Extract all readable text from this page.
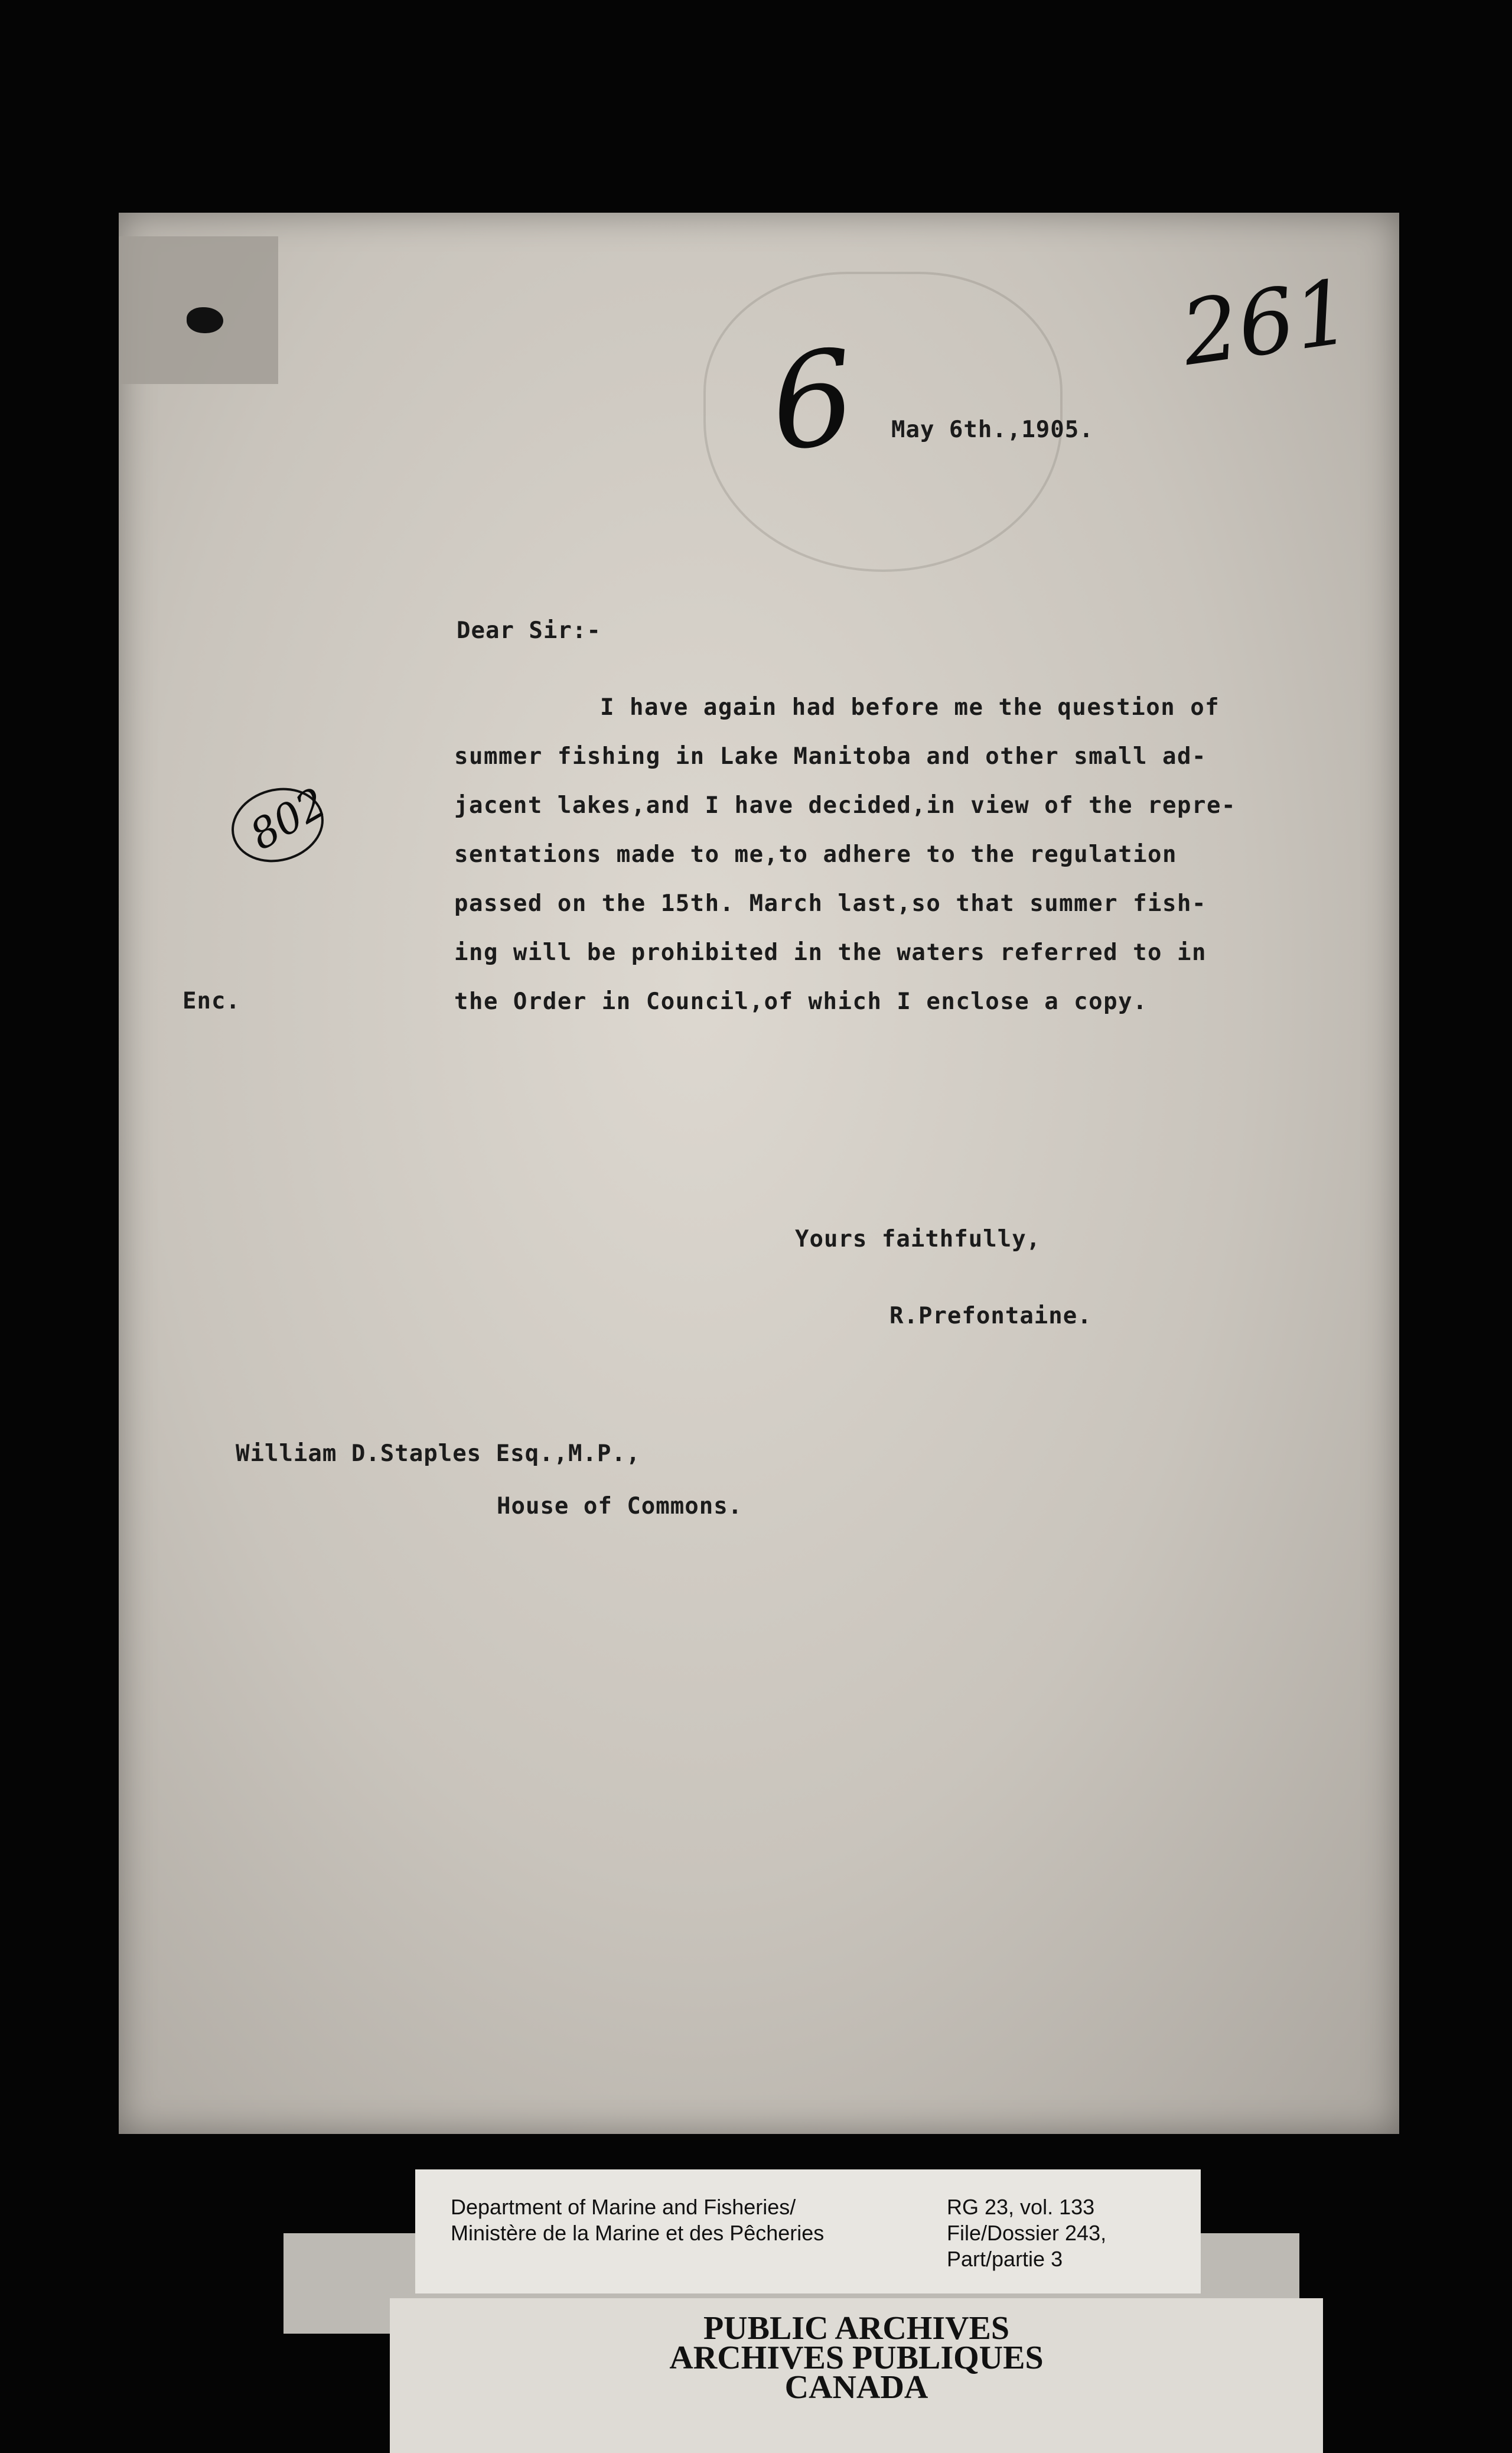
261
6 May 6th.,1905.
Dear Sir:-
802
I have again had before me the question of
summer fishing in Lake Manitoba and other small ad-
jacent lakes,and I have decided,in view of the repre-
sentations made to me,to adhere to the regulation
passed on the 15th. March last,so that summer fish-
ing will be prohibited in the waters referred to in
the Order in Council,of which I enclose a copy.
Enc.
Yours faithfully,
R.Prefontaine.
William D.Staples Esq.,M.P.,
House of Commons.
Department of Marine and Fisheries/
Ministère de la Marine et des Pêcheries
RG 23, vol. 133
File/Dossier 243,
Part/partie 3
PUBLIC ARCHIVES
ARCHIVES PUBLIQUES
CANADA
